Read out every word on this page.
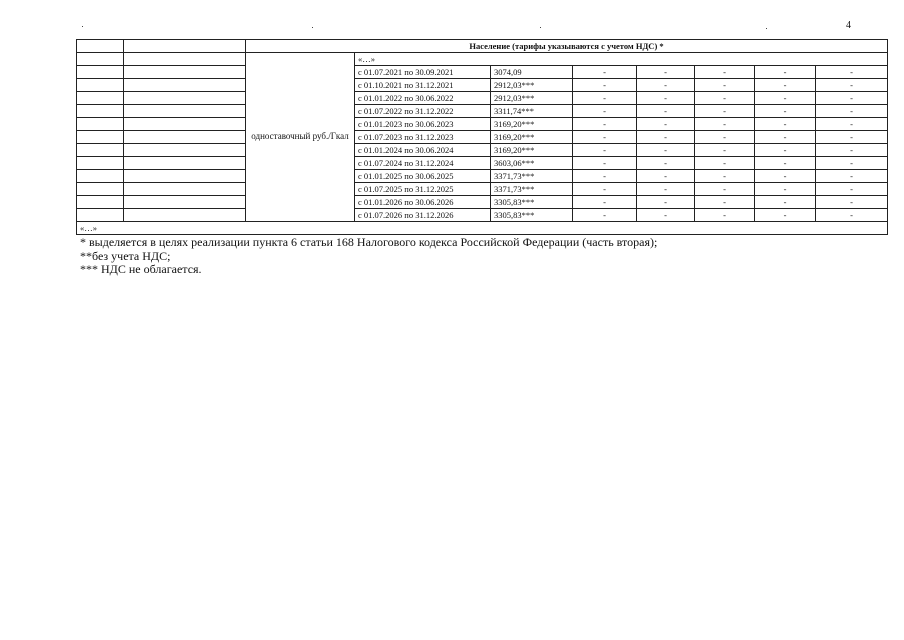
4
		Население (тарифы указываются с учетом НДС) *							
		одноставочный руб./Гкал	«…»						
			с 01.07.2021 по 30.09.2021	3074,09	-	-	-	-	-
			с 01.10.2021 по 31.12.2021	2912,03***	-	-	-	-	-
			с 01.01.2022 по 30.06.2022	2912,03***	-	-	-	-	-
			с 01.07.2022 по 31.12.2022	3311,74***	-	-	-	-	-
			с 01.01.2023 по 30.06.2023	3169,20***	-	-	-	-	-
			с 01.07.2023 по 31.12.2023	3169,20***	-	-	-	-	-
			с 01.01.2024 по 30.06.2024	3169,20***	-	-	-	-	-
			с 01.07.2024 по 31.12.2024	3603,06***	-	-	-	-	-
			с 01.01.2025 по 30.06.2025	3371,73***	-	-	-	-	-
			с 01.07.2025 по 31.12.2025	3371,73***	-	-	-	-	-
			с 01.01.2026 по 30.06.2026	3305,83***	-	-	-	-	-
			с 01.07.2026 по 31.12.2026	3305,83***	-	-	-	-	-
«…»									
* выделяется в целях реализации пункта 6 статьи 168 Налогового кодекса Российской Федерации (часть вторая);
**без учета НДС;
*** НДС не облагается.
